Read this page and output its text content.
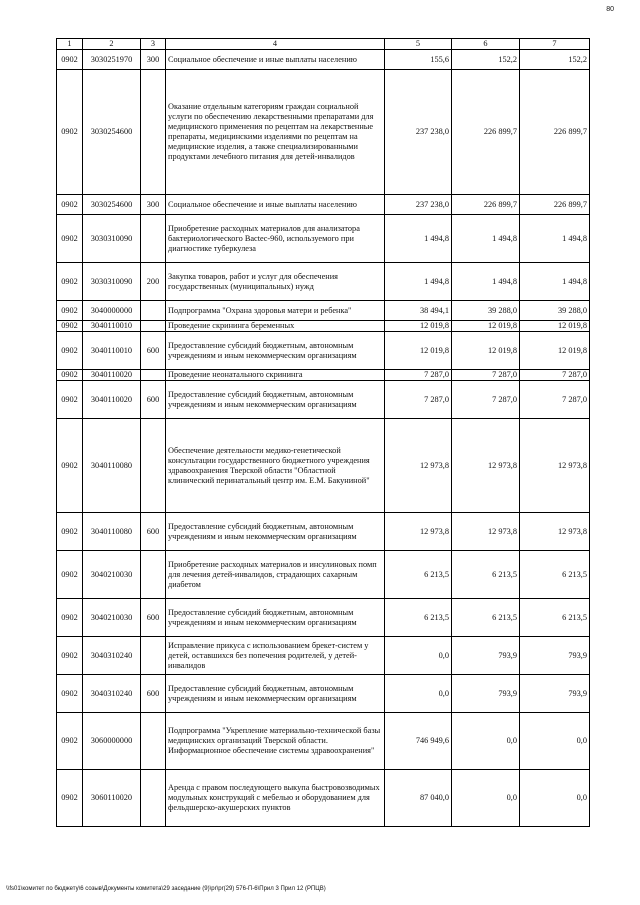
80
1	2	3	4	5	6	7
0902	3030251970	300	Социальное обеспечение и иные выплаты населению	155,6	152,2	152,2
0902	3030254600		Оказание отдельным категориям граждан социальной услуги по обеспечению лекарственными препаратами для медицинского применения по рецептам на лекарственные препараты, медицинскими изделиями по рецептам на медицинские изделия, а также специализированными продуктами лечебного питания для детей-инвалидов	237 238,0	226 899,7	226 899,7
0902	3030254600	300	Социальное обеспечение и иные выплаты населению	237 238,0	226 899,7	226 899,7
0902	3030310090		Приобретение расходных материалов для анализатора бактериологического Bactec-960, используемого при диагностике туберкулеза	1 494,8	1 494,8	1 494,8
0902	3030310090	200	Закупка товаров, работ и услуг для обеспечения государственных (муниципальных) нужд	1 494,8	1 494,8	1 494,8
0902	3040000000		Подпрограмма "Охрана здоровья матери и ребенка"	38 494,1	39 288,0	39 288,0
0902	3040110010		Проведение скрининга беременных	12 019,8	12 019,8	12 019,8
0902	3040110010	600	Предоставление субсидий бюджетным, автономным учреждениям и иным некоммерческим организациям	12 019,8	12 019,8	12 019,8
0902	3040110020		Проведение неонатального скрининга	7 287,0	7 287,0	7 287,0
0902	3040110020	600	Предоставление субсидий бюджетным, автономным учреждениям и иным некоммерческим организациям	7 287,0	7 287,0	7 287,0
0902	3040110080		Обеспечение деятельности медико-генетической консультации государственного бюджетного учреждения здравоохранения Тверской области "Областной клинический перинатальный центр им. Е.М. Бакуниной"	12 973,8	12 973,8	12 973,8
0902	3040110080	600	Предоставление субсидий бюджетным, автономным учреждениям и иным некоммерческим организациям	12 973,8	12 973,8	12 973,8
0902	3040210030		Приобретение расходных материалов и инсулиновых помп для лечения детей-инвалидов, страдающих сахарным диабетом	6 213,5	6 213,5	6 213,5
0902	3040210030	600	Предоставление субсидий бюджетным, автономным учреждениям и иным некоммерческим организациям	6 213,5	6 213,5	6 213,5
0902	3040310240		Исправление прикуса с использованием брекет-систем у детей, оставшихся без попечения родителей, у детей-инвалидов	0,0	793,9	793,9
0902	3040310240	600	Предоставление субсидий бюджетным, автономным учреждениям и иным некоммерческим организациям	0,0	793,9	793,9
0902	3060000000		Подпрограмма "Укрепление материально-технической базы медицинских организаций Тверской области. Информационное обеспечение системы здравоохранения"	746 949,6	0,0	0,0
0902	3060110020		Аренда с правом последующего выкупа быстровозводимых модульных конструкций с мебелью и оборудованием для фельдшерско-акушерских пунктов	87 040,0	0,0	0,0
\\fs01\комитет по бюджету\6 созыв\Документы комитета\29 заседание (9)\pr\pr(29) 576-П-6\Прил 3 Прил 12 (РПЦВ)
